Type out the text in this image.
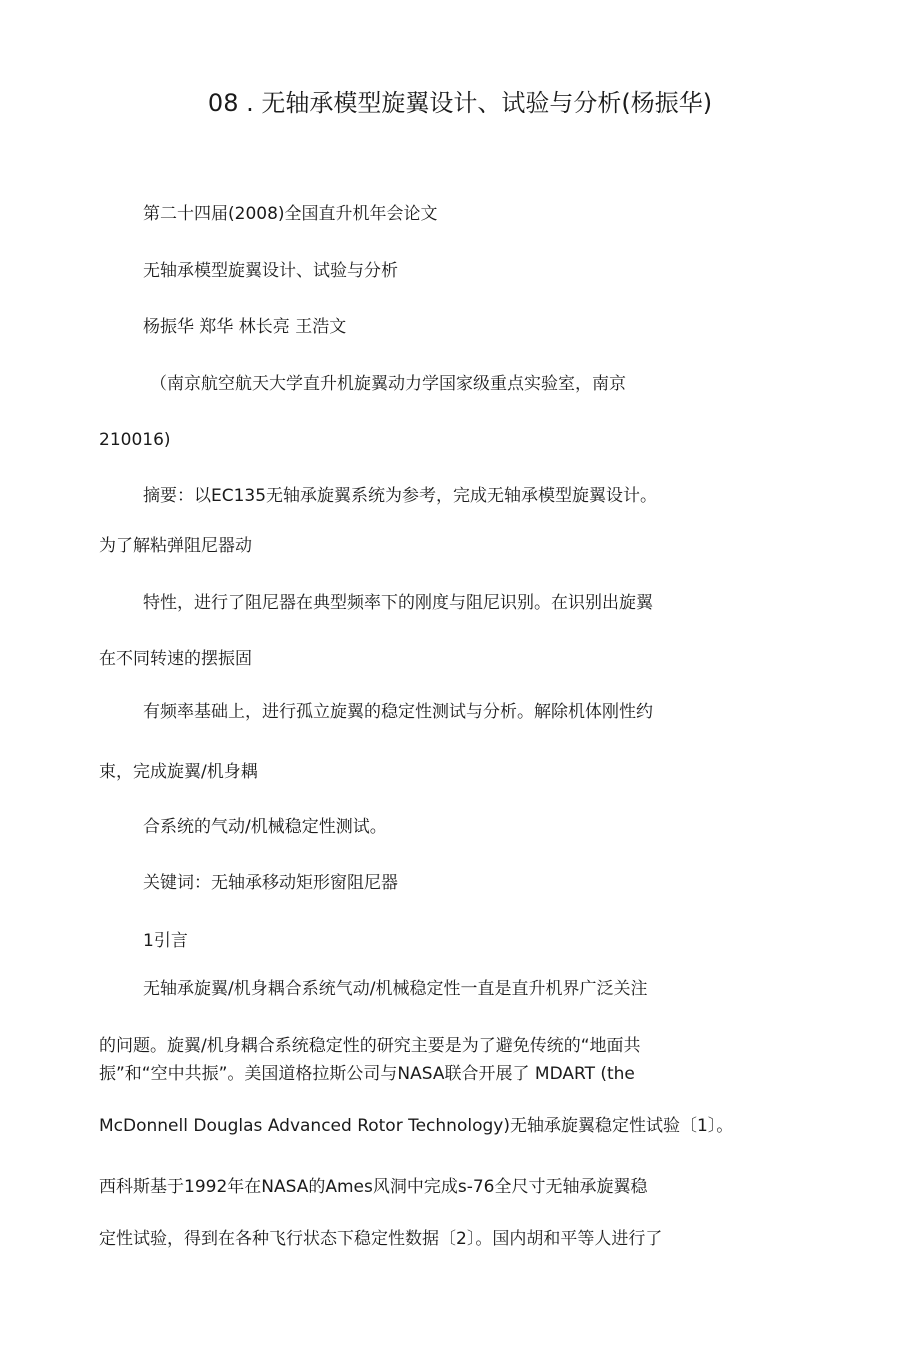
08 . 无轴承模型旋翼设计、试验与分析(杨振华)
第二十四届(2008)全国直升机年会论文
无轴承模型旋翼设计、试验与分析
杨振华 郑华 林长亮 王浩文
（南京航空航天大学直升机旋翼动力学国家级重点实验室，南京
210016)
摘要：以EC135无轴承旋翼系统为参考，完成无轴承模型旋翼设计。
为了解粘弹阻尼器动
特性，进行了阻尼器在典型频率下的刚度与阻尼识别。在识别出旋翼
在不同转速的摆振固
有频率基础上，进行孤立旋翼的稳定性测试与分析。解除机体刚性约
束，完成旋翼/机身耦
合系统的气动/机械稳定性测试。
关键词：无轴承移动矩形窗阻尼器
1引言
无轴承旋翼/机身耦合系统气动/机械稳定性一直是直升机界广泛关注
的问题。旋翼/机身耦合系统稳定性的研究主要是为了避免传统的“地面共
振”和“空中共振”。美国道格拉斯公司与NASA联合开展了 MDART (the
McDonnell Douglas Advanced Rotor Technology)无轴承旋翼稳定性试验〔1〕。
西科斯基于1992年在NASA的Ames风洞中完成s-76全尺寸无轴承旋翼稳
定性试验，得到在各种飞行状态下稳定性数据〔2〕。国内胡和平等人进行了
